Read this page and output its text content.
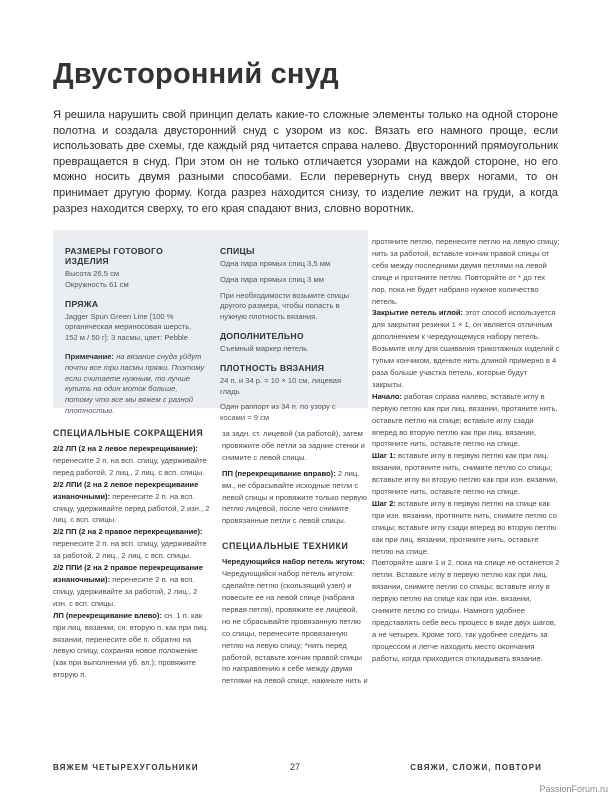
Двусторонний снуд
Я решила нарушить свой принцип делать какие-то сложные элементы только на одной стороне полотна и создала двусторонний снуд с узором из кос. Вязать его намного проще, если использовать две схемы, где каждый ряд читается справа налево. Двусторонний прямоугольник превращается в снуд. При этом он не только отличается узорами на каждой стороне, но его можно носить двумя разными способами. Если перевернуть снуд вверх ногами, то он принимает другую форму. Когда разрез находится снизу, то изделие лежит на груди, а когда разрез находится сверху, то его края спадают вниз, словно воротник.
РАЗМЕРЫ ГОТОВОГО ИЗДЕЛИЯ

Высота 26,5 см

Окружность 61 см

ПРЯЖА

Jagger Spun Green Line [100 % органическая мериносовая шерсть, 152 м / 50 г]: 3 пасмы, цвет: Pebble

Примечание: на вязание снуда уйдут почти все три пасмы пряжи. Поэтому если считаете нужным, то лучше купить на один моток больше, потому что все мы вяжем с разной плотностью.

СПИЦЫ

Одна пара прямых спиц 3,5 мм

Одна пара прямых спиц 3 мм

При необходимости возьмите спицы другого размера, чтобы попасть в нужную плотность вязания.

ДОПОЛНИТЕЛЬНО

Съемный маркер петель

ПЛОТНОСТЬ ВЯЗАНИЯ

24 п. и 34 р. = 10 × 10 см, лицевая гладь

Один раппорт из 34 п. по узору с косами = 9 см

СПЕЦИАЛЬНЫЕ СОКРАЩЕНИЯ

2/2 ЛП (2 на 2 левое перекрещивание): перенесите 2 п. на всп. спицу, удерживайте перед работой, 2 лиц., 2 лиц. с всп. спицы.

2/2 ЛПИ (2 на 2 левое перекрещивание изнаночными): перенесите 2 п. на всп. спицу, удерживайте перед работой, 2 изн., 2 лиц. с всп. спицы.

2/2 ПП (2 на 2 правое перекрещивание): перенесите 2 п. на всп. спицу, удерживайте за работой, 2 лиц., 2 лиц. с всп. спицы.

2/2 ППИ (2 на 2 правое перекрещивание изнаночными): перенесите 2 п. на всп. спицу, удерживайте за работой, 2 лиц., 2 изн. с всп. спицы.

ЛП (перекрещивание влево): сн. 1 п. как при лиц. вязании, сн. вторую п. как при лиц. вязании, перенесите обе п. обратно на левую спицу, сохраняя новое положение (как при выполнении уб. вл.); провяжите вторую п.

за задн. ст. лицевой (за работой), затем провяжите обе петли за задние стенки и снимите с левой спицы.

ПП (перекрещивание вправо): 2 лиц. вм., не сбрасывайте исходные петли с левой спицы и провяжите только первую петлю лицевой, после чего снимите провязанные петли с левой спицы.

СПЕЦИАЛЬНЫЕ ТЕХНИКИ

Чередующийся набор петель жгутом: Чередующийся набор петель жгутом: сделайте петлю (скользящий узел) и повесьте ее на левой спице (набрана первая петля), провяжите ее лицевой, но не сбрасывайте провязанную петлю со спицы, перенесите провязанную петлю на левую спицу; *нить перед работой, вставьте кончик правой спицы по направлению к себе между двумя петлями на левой спице, накиньте нить и

протяните петлю, перенесите петлю на левую спицу; нить за работой, вставьте кончик правой спицы от себя между последними двумя петлями на левой спице и протяните петлю. Повторяйте от * до тех пор, пока не будет набрано нужное количество петель.

Закрытие петель иглой: этот способ используется для закрытия резинки 1 × 1, он является отличным дополнением к чередующемуся набору петель. Возьмите иглу для сшивания трикотажных изделий с тупым кончиком, вденьте нить длиной примерно в 4 раза больше участка петель, которые будут закрыты.

Начало: работая справа налево, вставьте иглу в первую петлю как при лиц. вязании, протяните нить, оставьте петлю на спице; вставьте иглу сзади вперед во вторую петлю как при лиц. вязании, протяните нить, оставьте петлю на спице.

Шаг 1: вставьте иглу в первую петлю как при лиц. вязании, протяните нить, снимите петлю со спицы; вставьте иглу во вторую петлю как при изн. вязании, протяните нить, оставьте петлю на спице.

Шаг 2: вставьте иглу в первую петлю на спице как при изн. вязании, протяните нить, снимите петлю со спицы; вставьте иглу сзади вперед во вторую петлю как при лиц. вязании, протяните нить, оставьте петлю на спице.

Повторяйте шаги 1 и 2, пока на спице не останется 2 петли. Вставьте иглу в первую петлю как при лиц. вязании, снимите петлю со спицы; вставьте иглу в первую петлю на спице как при изн. вязании, снимите петлю со спицы. Намного удобнее представлять себе весь процесс в виде двух шагов, а не четырех. Кроме того, так удобнее следить за процессом и легче находить место окончания работы, когда приходится откладывать вязание.

ВЯЖЕМ ЧЕТЫРЕХУГОЛЬНИКИ	27	СВЯЖИ, СЛОЖИ, ПОВТОРИ
PassionForum.ru
